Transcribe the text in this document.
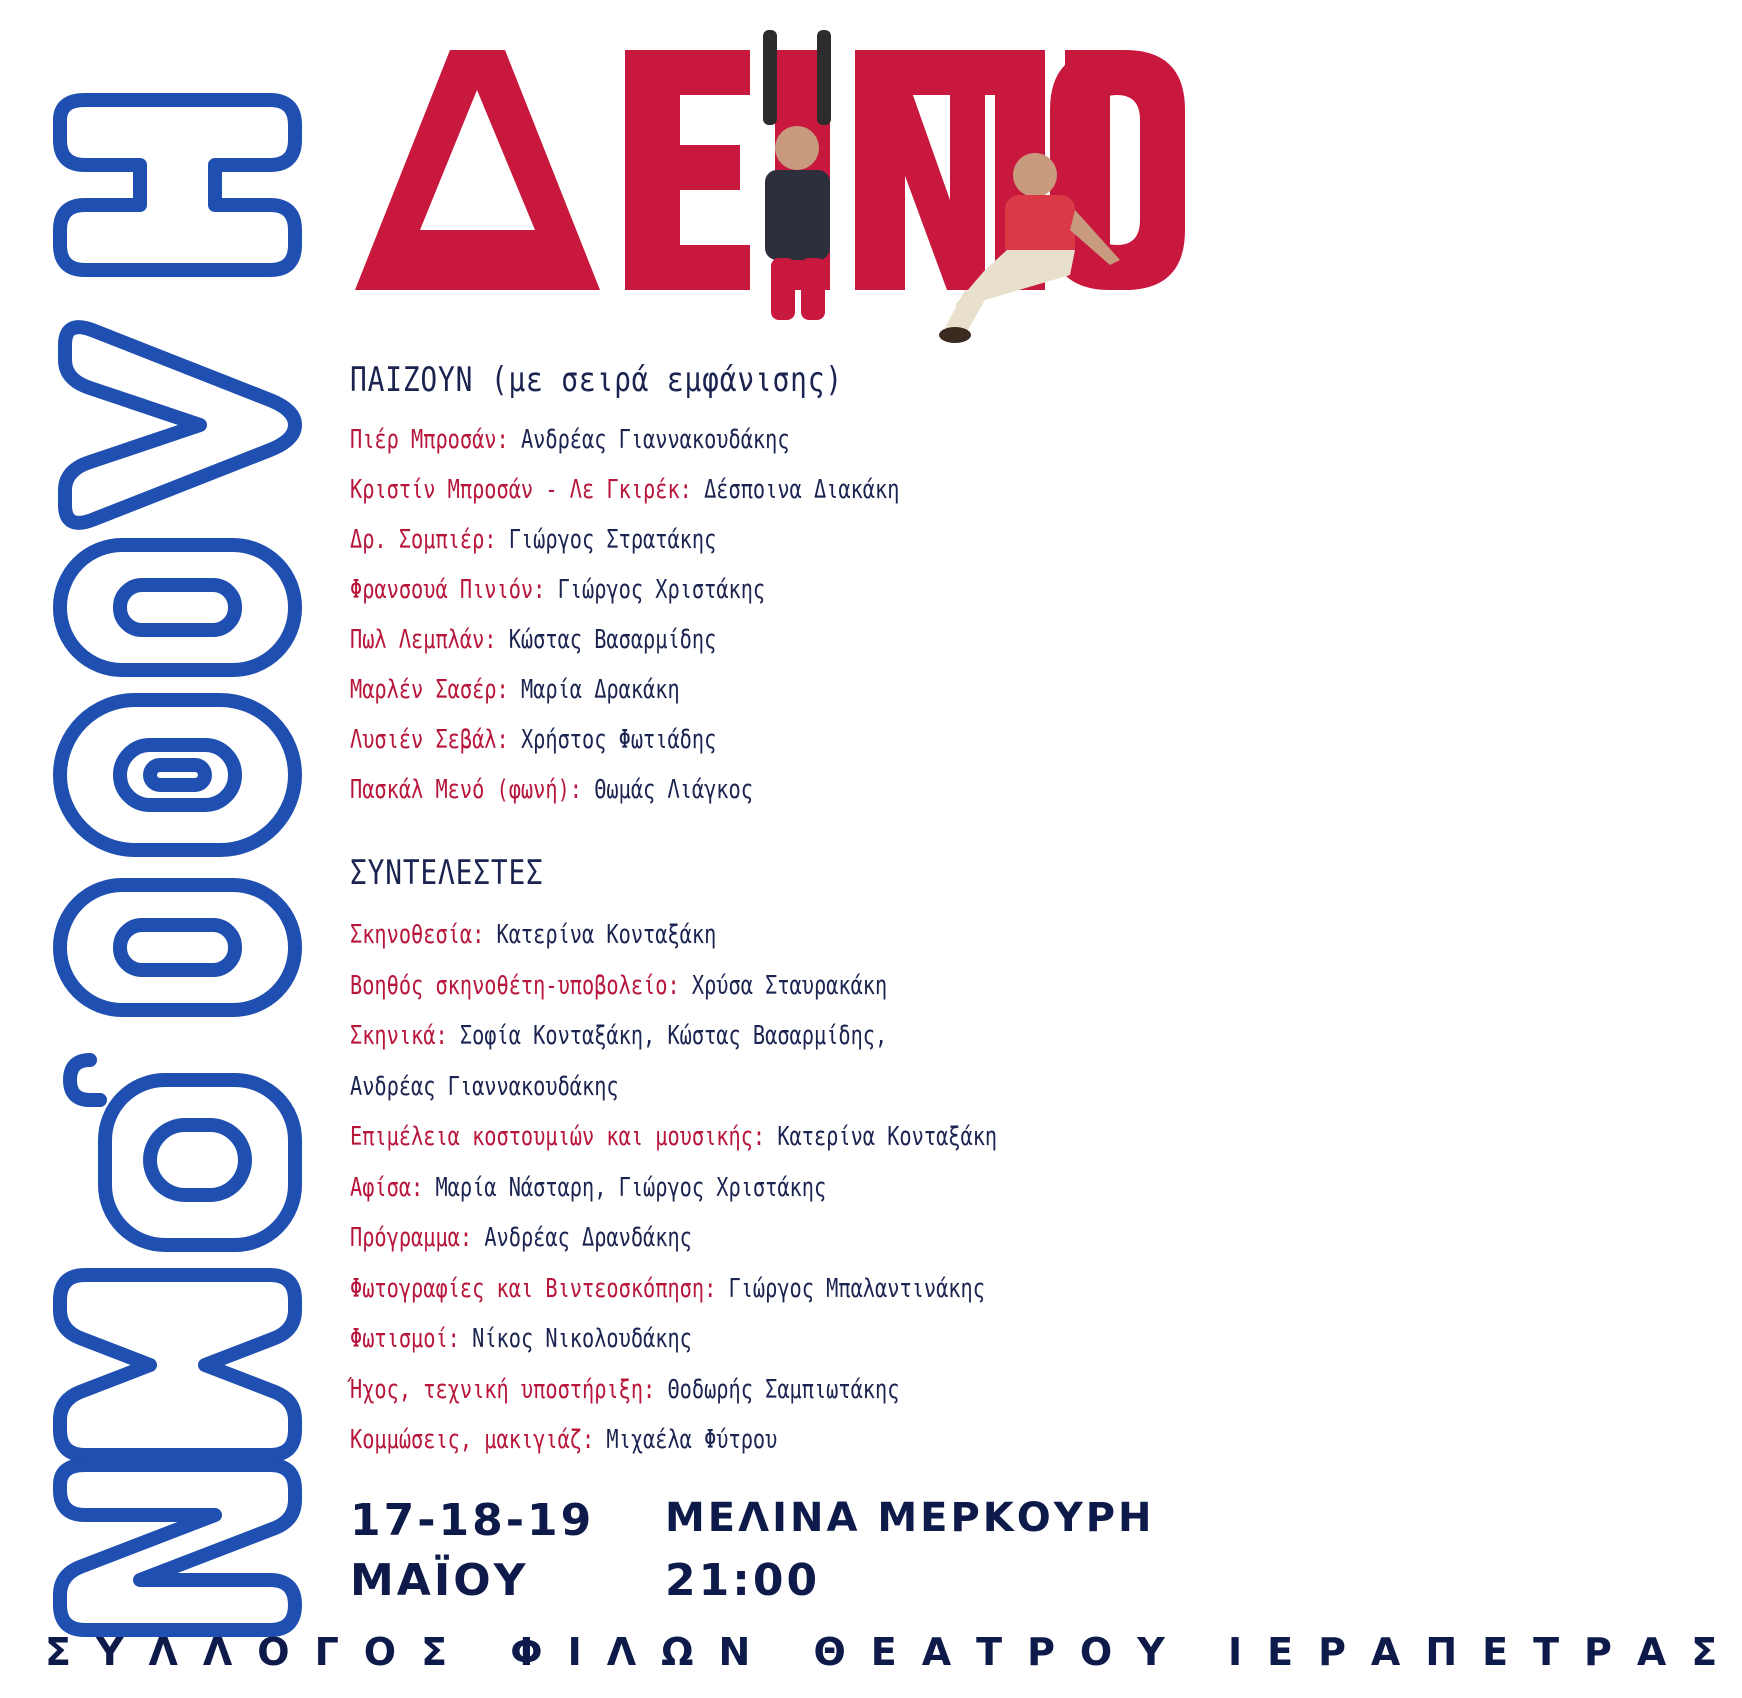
ΠΑΙΖΟΥΝ (με σειρά εμφάνισης)
Πιέρ Μπροσάν: Ανδρέας Γιαννακουδάκης
Κριστίν Μπροσάν - Λε Γκιρέκ: Δέσποινα Διακάκη
Δρ. Σομπιέρ: Γιώργος Στρατάκης
Φρανσουά Πινιόν: Γιώργος Χριστάκης
Πωλ Λεμπλάν: Κώστας Βασαρμίδης
Μαρλέν Σασέρ: Μαρία Δρακάκη
Λυσιέν Σεβάλ: Χρήστος Φωτιάδης
Πασκάλ Μενό (φωνή): Θωμάς Λιάγκος
ΣΥΝΤΕΛΕΣΤΕΣ
Σκηνοθεσία: Κατερίνα Κονταξάκη
Βοηθός σκηνοθέτη-υποβολείο: Χρύσα Σταυρακάκη
Σκηνικά: Σοφία Κονταξάκη, Κώστας Βασαρμίδης,
Ανδρέας Γιαννακουδάκης
Επιμέλεια κοστουμιών και μουσικής: Κατερίνα Κονταξάκη
Αφίσα: Μαρία Νάσταρη, Γιώργος Χριστάκης
Πρόγραμμα: Ανδρέας Δρανδάκης
Φωτογραφίες και Βιντεοσκόπηση: Γιώργος Μπαλαντινάκης
Φωτισμοί: Νίκος Νικολουδάκης
Ήχος, τεχνική υποστήριξη: Θοδωρής Σαμπιωτάκης
Κομμώσεις, μακιγιάζ: Μιχαέλα Φύτρου
17-18-19
ΜΑΪΟΥ
ΜΕΛΙΝΑ ΜΕΡΚΟΥΡΗ
21:00
ΣΥΛΛΟΓΟΣ ΦΙΛΩΝ ΘΕΑΤΡΟΥ ΙΕΡΑΠΕΤΡΑΣ
